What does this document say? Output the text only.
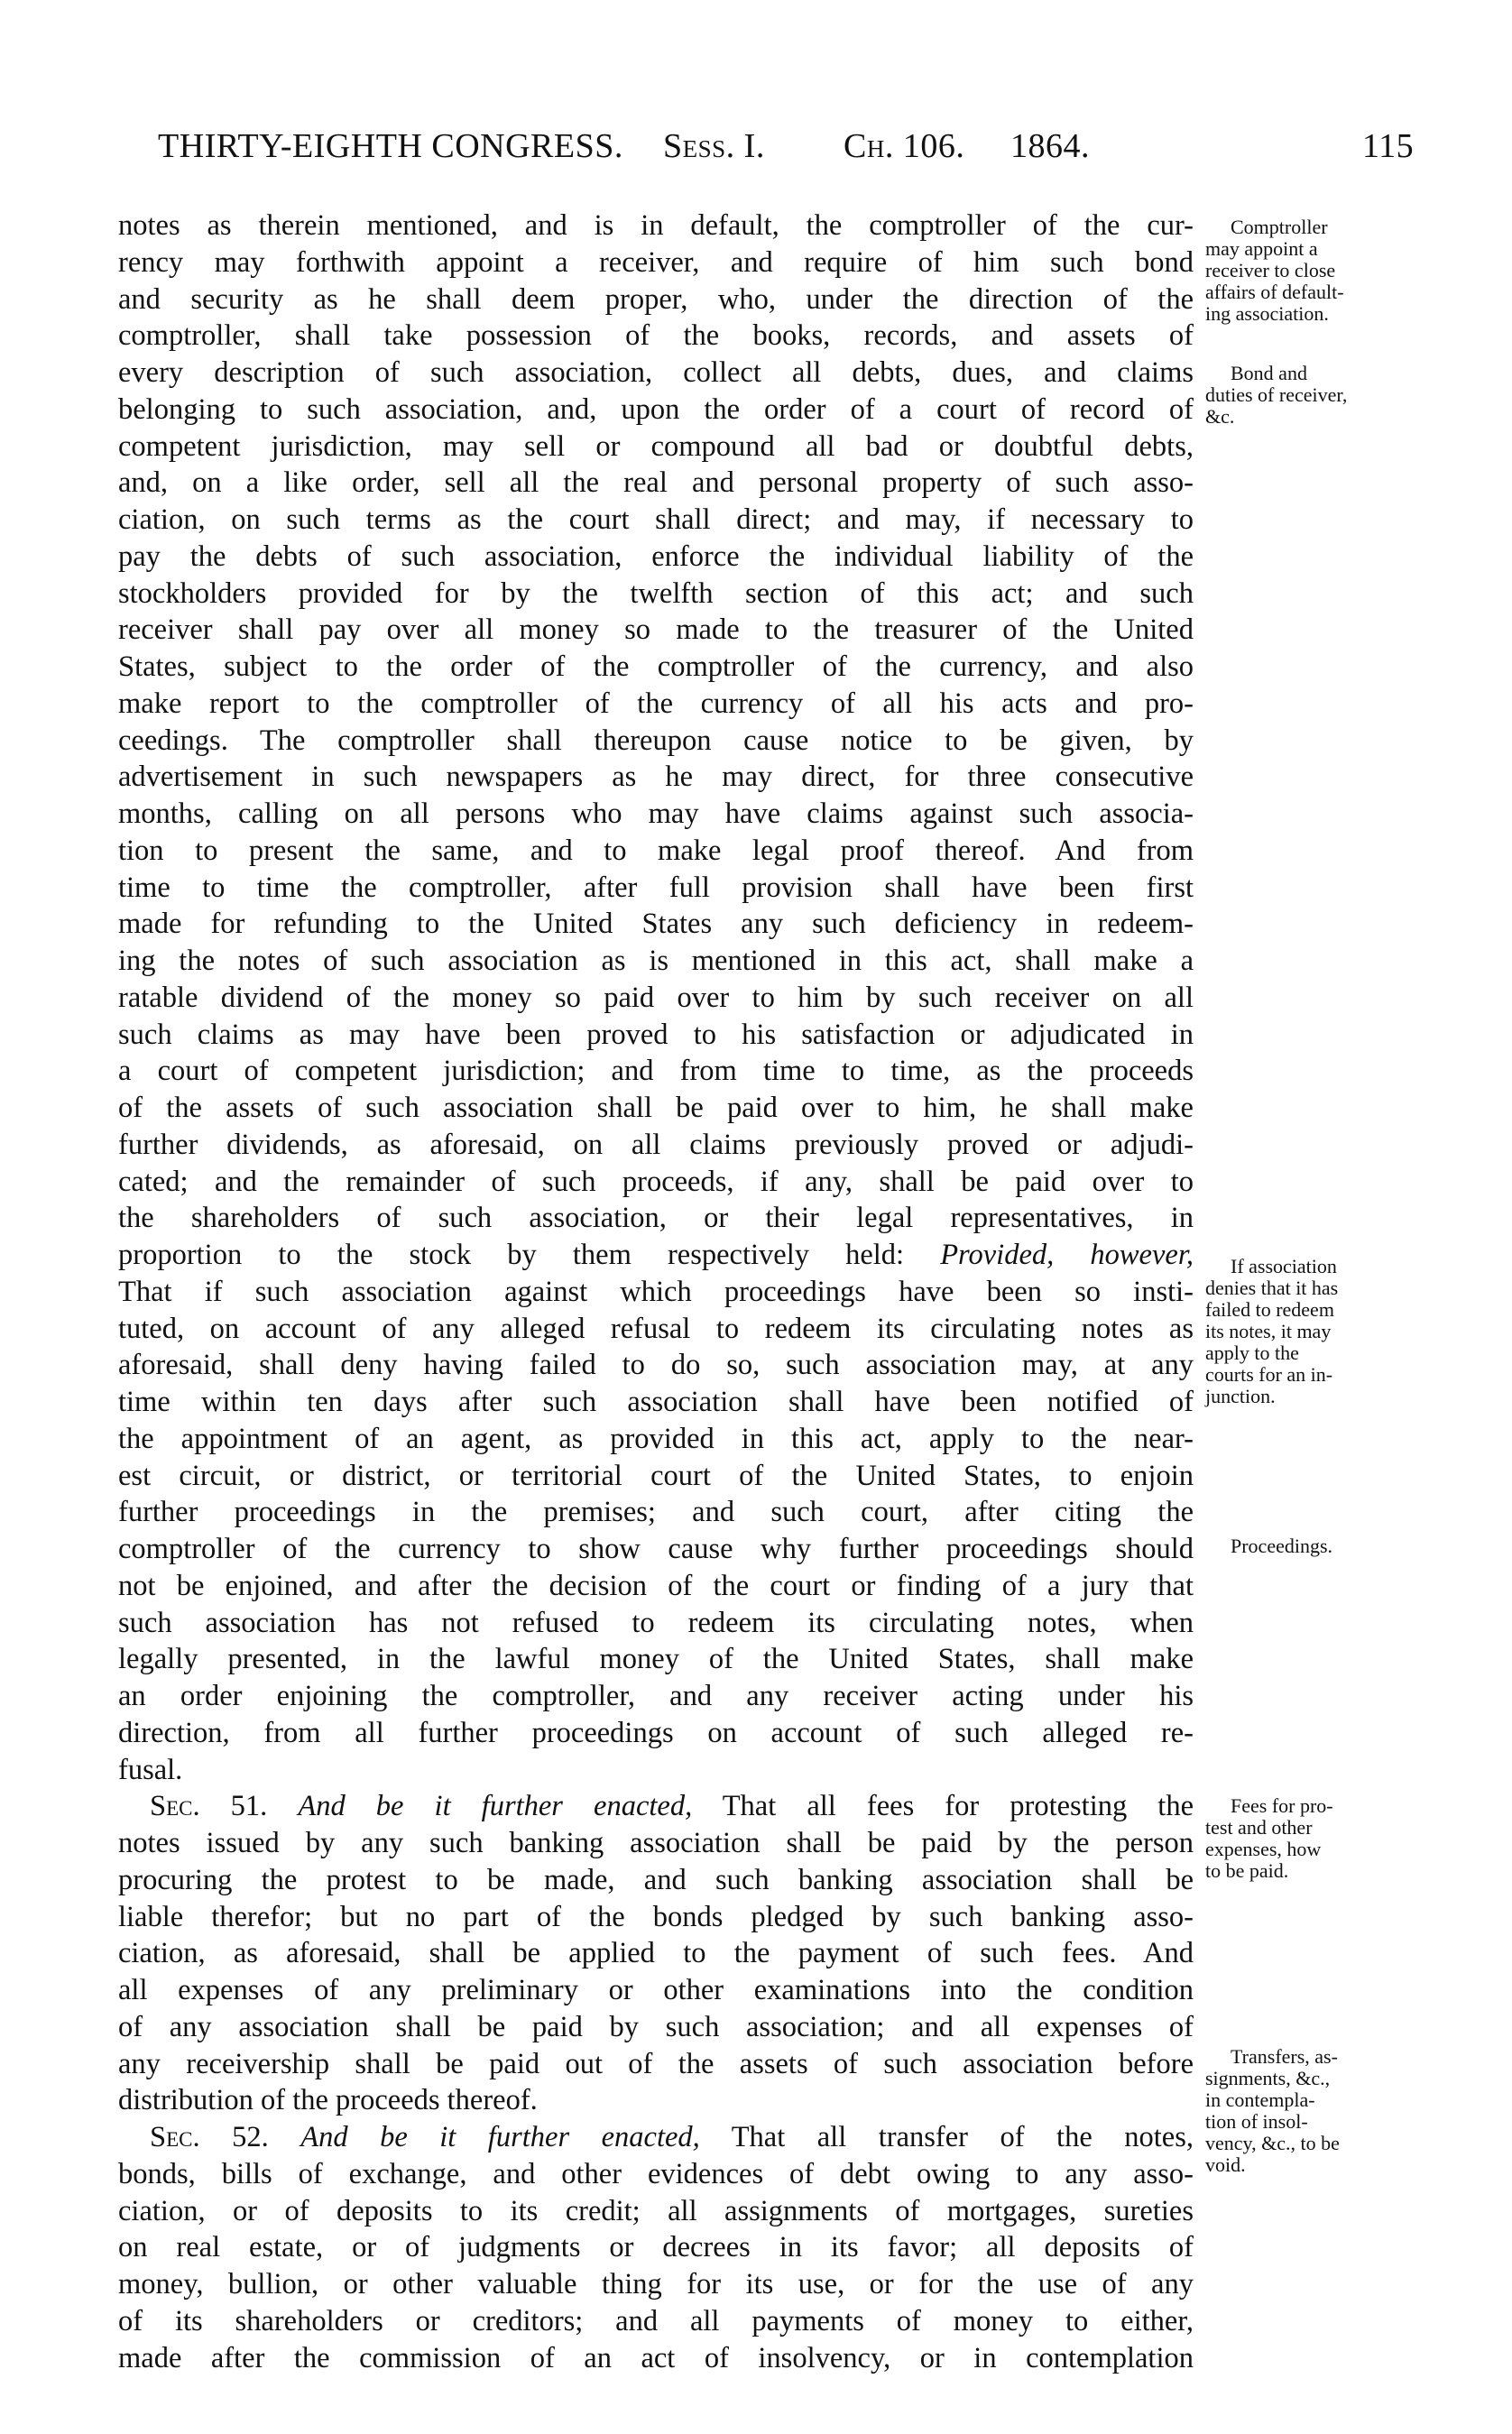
THIRTY-EIGHTH CONGRESS. Sess. I. Ch. 106. 1864.	115
notes as therein mentioned, and is in default, the comptroller of the cur-
rency may forthwith appoint a receiver, and require of him such bond
and security as he shall deem proper, who, under the direction of the
comptroller, shall take possession of the books, records, and assets of
every description of such association, collect all debts, dues, and claims
belonging to such association, and, upon the order of a court of record of
competent jurisdiction, may sell or compound all bad or doubtful debts,
and, on a like order, sell all the real and personal property of such asso-
ciation, on such terms as the court shall direct; and may, if necessary to
pay the debts of such association, enforce the individual liability of the
stockholders provided for by the twelfth section of this act; and such
receiver shall pay over all money so made to the treasurer of the United
States, subject to the order of the comptroller of the currency, and also
make report to the comptroller of the currency of all his acts and pro-
ceedings. The comptroller shall thereupon cause notice to be given, by
advertisement in such newspapers as he may direct, for three consecutive
months, calling on all persons who may have claims against such associa-
tion to present the same, and to make legal proof thereof. And from
time to time the comptroller, after full provision shall have been first
made for refunding to the United States any such deficiency in redeem-
ing the notes of such association as is mentioned in this act, shall make a
ratable dividend of the money so paid over to him by such receiver on all
such claims as may have been proved to his satisfaction or adjudicated in
a court of competent jurisdiction; and from time to time, as the proceeds
of the assets of such association shall be paid over to him, he shall make
further dividends, as aforesaid, on all claims previously proved or adjudi-
cated; and the remainder of such proceeds, if any, shall be paid over to
the shareholders of such association, or their legal representatives, in
proportion to the stock by them respectively held: Provided, however,
That if such association against which proceedings have been so insti-
tuted, on account of any alleged refusal to redeem its circulating notes as
aforesaid, shall deny having failed to do so, such association may, at any
time within ten days after such association shall have been notified of
the appointment of an agent, as provided in this act, apply to the near-
est circuit, or district, or territorial court of the United States, to enjoin
further proceedings in the premises; and such court, after citing the
comptroller of the currency to show cause why further proceedings should
not be enjoined, and after the decision of the court or finding of a jury that
such association has not refused to redeem its circulating notes, when
legally presented, in the lawful money of the United States, shall make
an order enjoining the comptroller, and any receiver acting under his
direction, from all further proceedings on account of such alleged re-
fusal.
Sec. 51. And be it further enacted, That all fees for protesting the
notes issued by any such banking association shall be paid by the person
procuring the protest to be made, and such banking association shall be
liable therefor; but no part of the bonds pledged by such banking asso-
ciation, as aforesaid, shall be applied to the payment of such fees. And
all expenses of any preliminary or other examinations into the condition
of any association shall be paid by such association; and all expenses of
any receivership shall be paid out of the assets of such association before
distribution of the proceeds thereof.
Sec. 52. And be it further enacted, That all transfer of the notes,
bonds, bills of exchange, and other evidences of debt owing to any asso-
ciation, or of deposits to its credit; all assignments of mortgages, sureties
on real estate, or of judgments or decrees in its favor; all deposits of
money, bullion, or other valuable thing for its use, or for the use of any
of its shareholders or creditors; and all payments of money to either,
made after the commission of an act of insolvency, or in contemplation
Comptroller
may appoint a
receiver to close
affairs of default-
ing association.
Bond and
duties of receiver,
&c.
If association
denies that it has
failed to redeem
its notes, it may
apply to the
courts for an in-
junction.
Proceedings.
Fees for pro-
test and other
expenses, how
to be paid.
Transfers, as-
signments, &c.,
in contempla-
tion of insol-
vency, &c., to be
void.
